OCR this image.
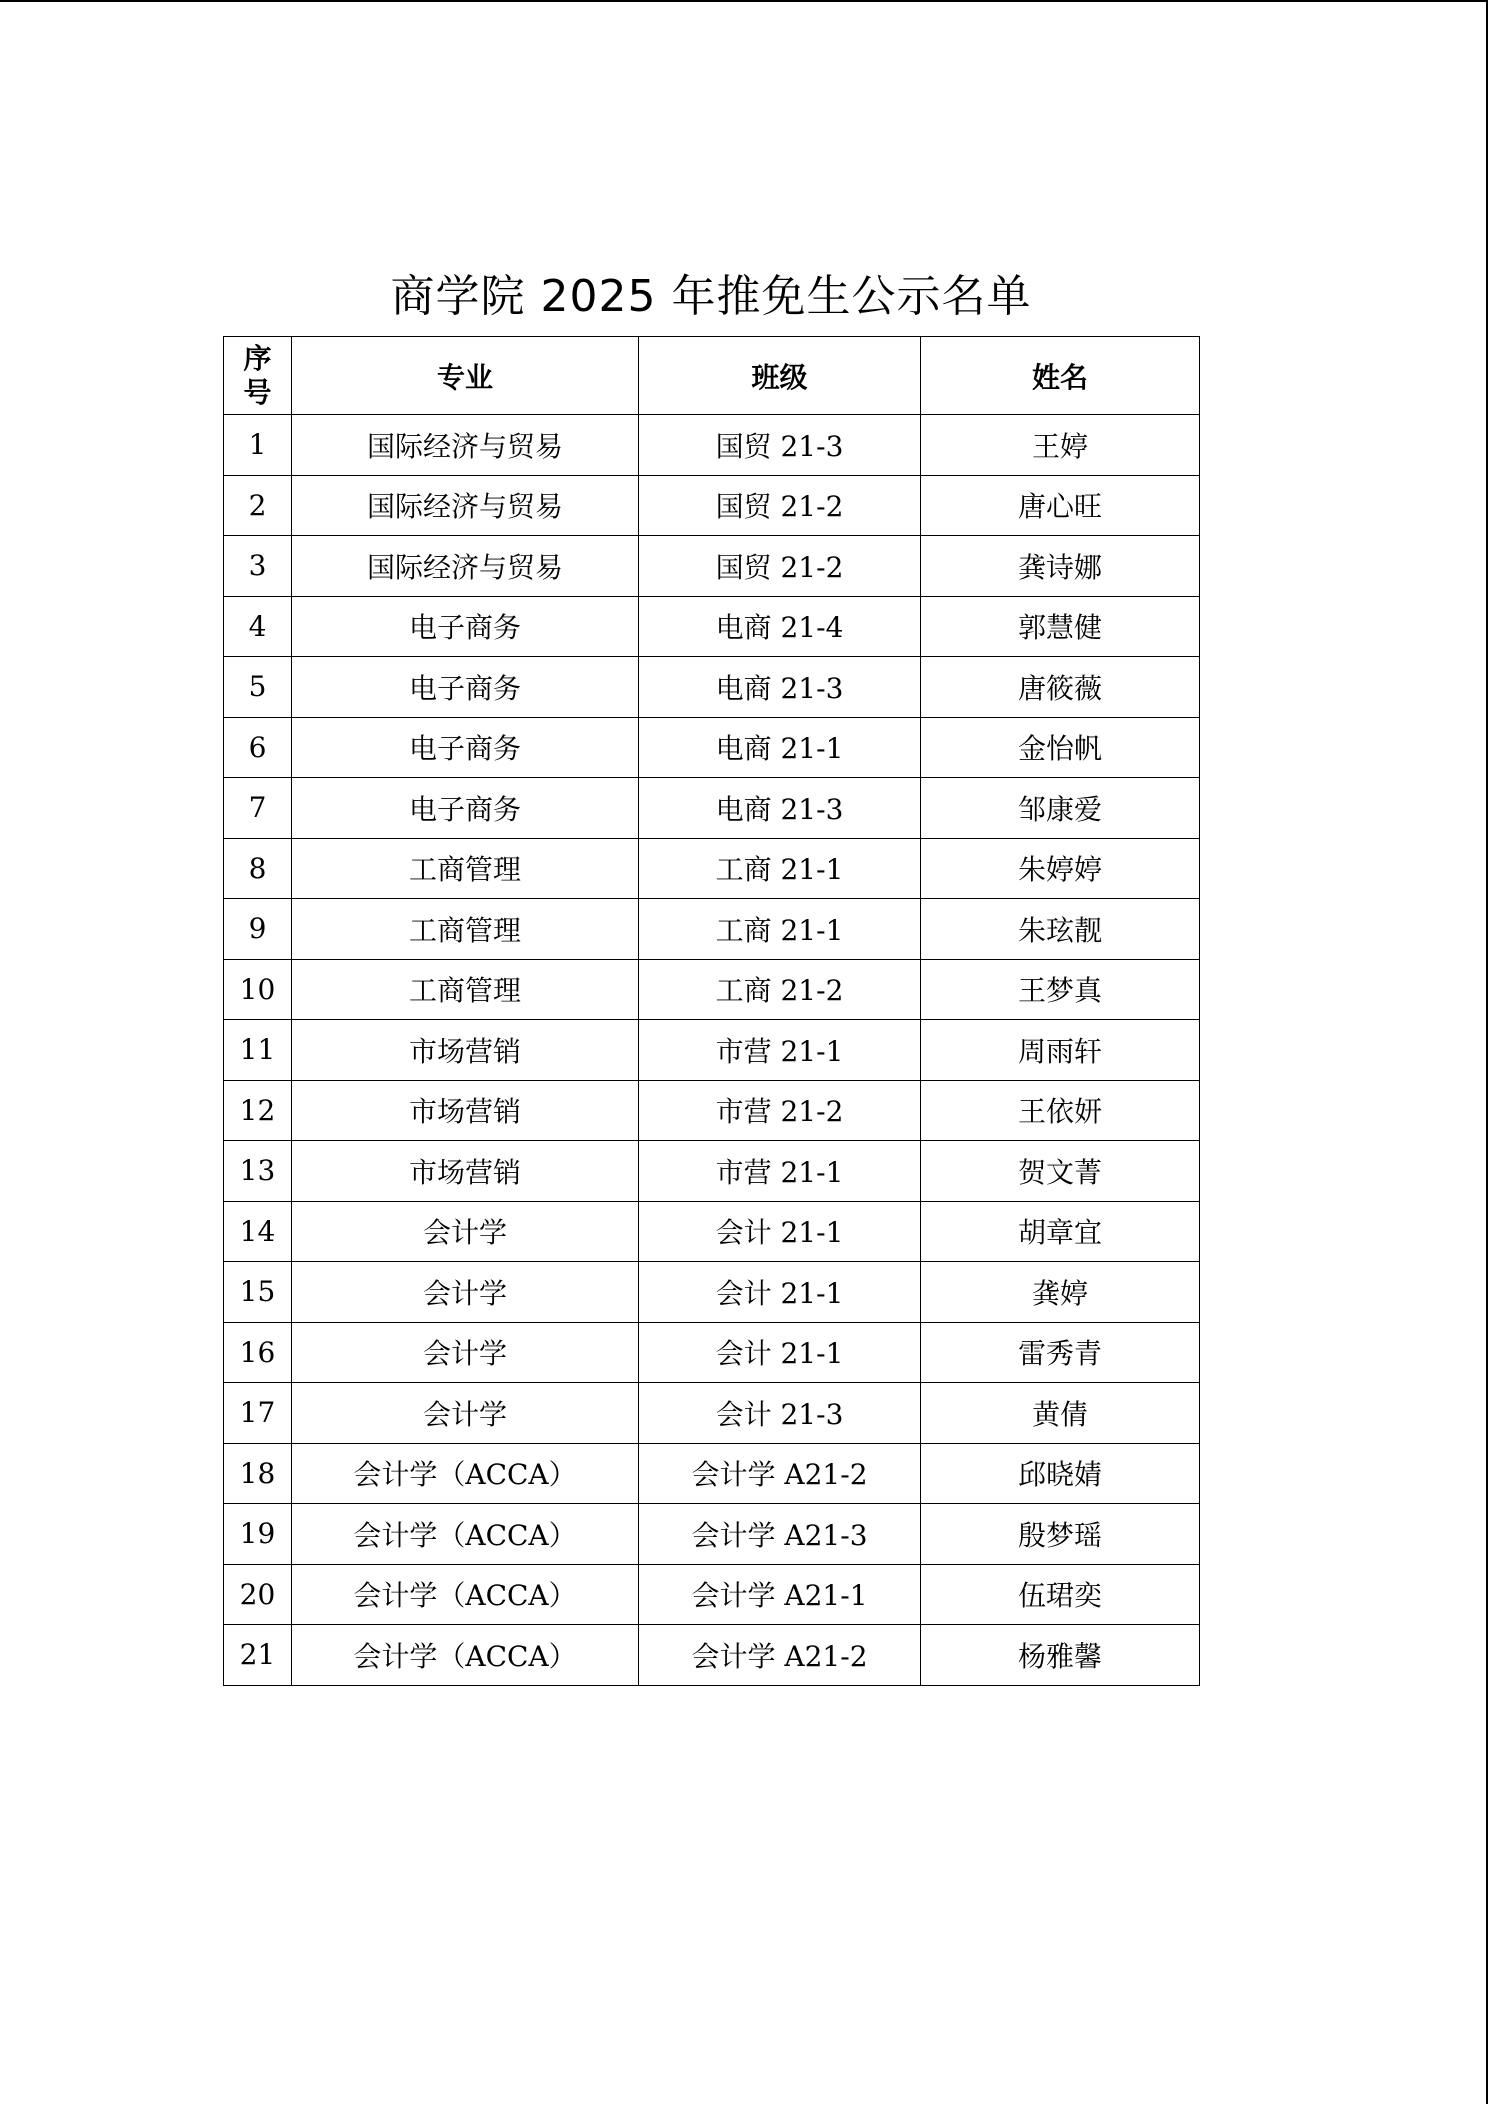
商学院 2025 年推免生公示名单
序
号	专业	班级	姓名
1	国际经济与贸易	国贸 21-3	王婷
2	国际经济与贸易	国贸 21-2	唐心旺
3	国际经济与贸易	国贸 21-2	龚诗娜
4	电子商务	电商 21-4	郭慧健
5	电子商务	电商 21-3	唐筱薇
6	电子商务	电商 21-1	金怡帆
7	电子商务	电商 21-3	邹康爱
8	工商管理	工商 21-1	朱婷婷
9	工商管理	工商 21-1	朱玹靓
10	工商管理	工商 21-2	王梦真
11	市场营销	市营 21-1	周雨轩
12	市场营销	市营 21-2	王依妍
13	市场营销	市营 21-1	贺文菁
14	会计学	会计 21-1	胡章宜
15	会计学	会计 21-1	龚婷
16	会计学	会计 21-1	雷秀青
17	会计学	会计 21-3	黄倩
18	会计学（ACCA）	会计学 A21-2	邱晓婧
19	会计学（ACCA）	会计学 A21-3	殷梦瑶
20	会计学（ACCA）	会计学 A21-1	伍珺奕
21	会计学（ACCA）	会计学 A21-2	杨雅馨
